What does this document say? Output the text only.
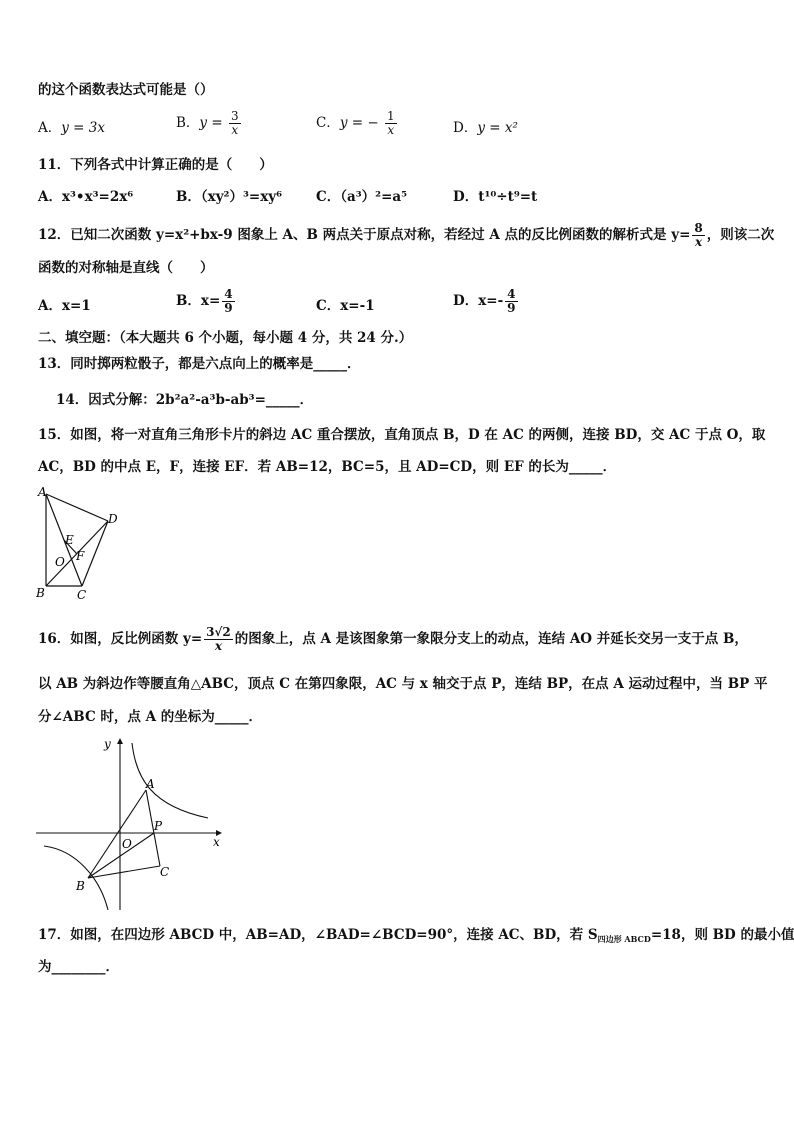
的这个函数表达式可能是（）
A．y = 3x	B．$y = \frac{3}{x}$	C．y = − $\frac{1}{x}$	D．y = x²
11．下列各式中计算正确的是（　　）
A．x³•x³=2x⁶	B．（xy²）³=xy⁶	C．（a³）²=a⁵	D．t¹⁰÷t⁹=t
12．已知二次函数 y=x²+bx-9 图象上 A、B 两点关于原点对称，若经过 A 点的反比例函数的解析式是 $y= \frac{8}{x}$ ，则该二次
函数的对称轴是直线（　　）
A．x=1	B．$x= \frac{4}{9}$	C．x=-1	D．$x=- \frac{4}{9}$
二、填空题：（本大题共 6 个小题，每小题 4 分，共 24 分.）
13．同时掷两粒骰子，都是六点向上的概率是_____．
14．因式分解：2b²a²-a³b-ab³=_____．
15．如图，将一对直角三角形卡片的斜边 AC 重合摆放，直角顶点 B，D 在 AC 的两侧，连接 BD，交 AC 于点 O，取
AC，BD 的中点 E，F，连接 EF．若 AB=12，BC=5，且 AD=CD，则 EF 的长为_____．
A
B	C
D
E
F
O
16．如图，反比例函数 $y= \frac{3√2}{x}$ 的图象上，点 A 是该图象第一象限分支上的动点，连结 AO 并延长交另一支于点 B，
以 AB 为斜边作等腰直角△ABC，顶点 C 在第四象限，AC 与 x 轴交于点 P，连结 BP，在点 A 运动过程中，当 BP 平
分∠ABC 时，点 A 的坐标为_____．
y
x
A
B
C
O
P
17．如图，在四边形 ABCD 中，AB=AD，∠BAD=∠BCD=90°，连接 AC、BD，若 $S_{四边形 ABCD}=18$，则 BD 的最小值
为________．
